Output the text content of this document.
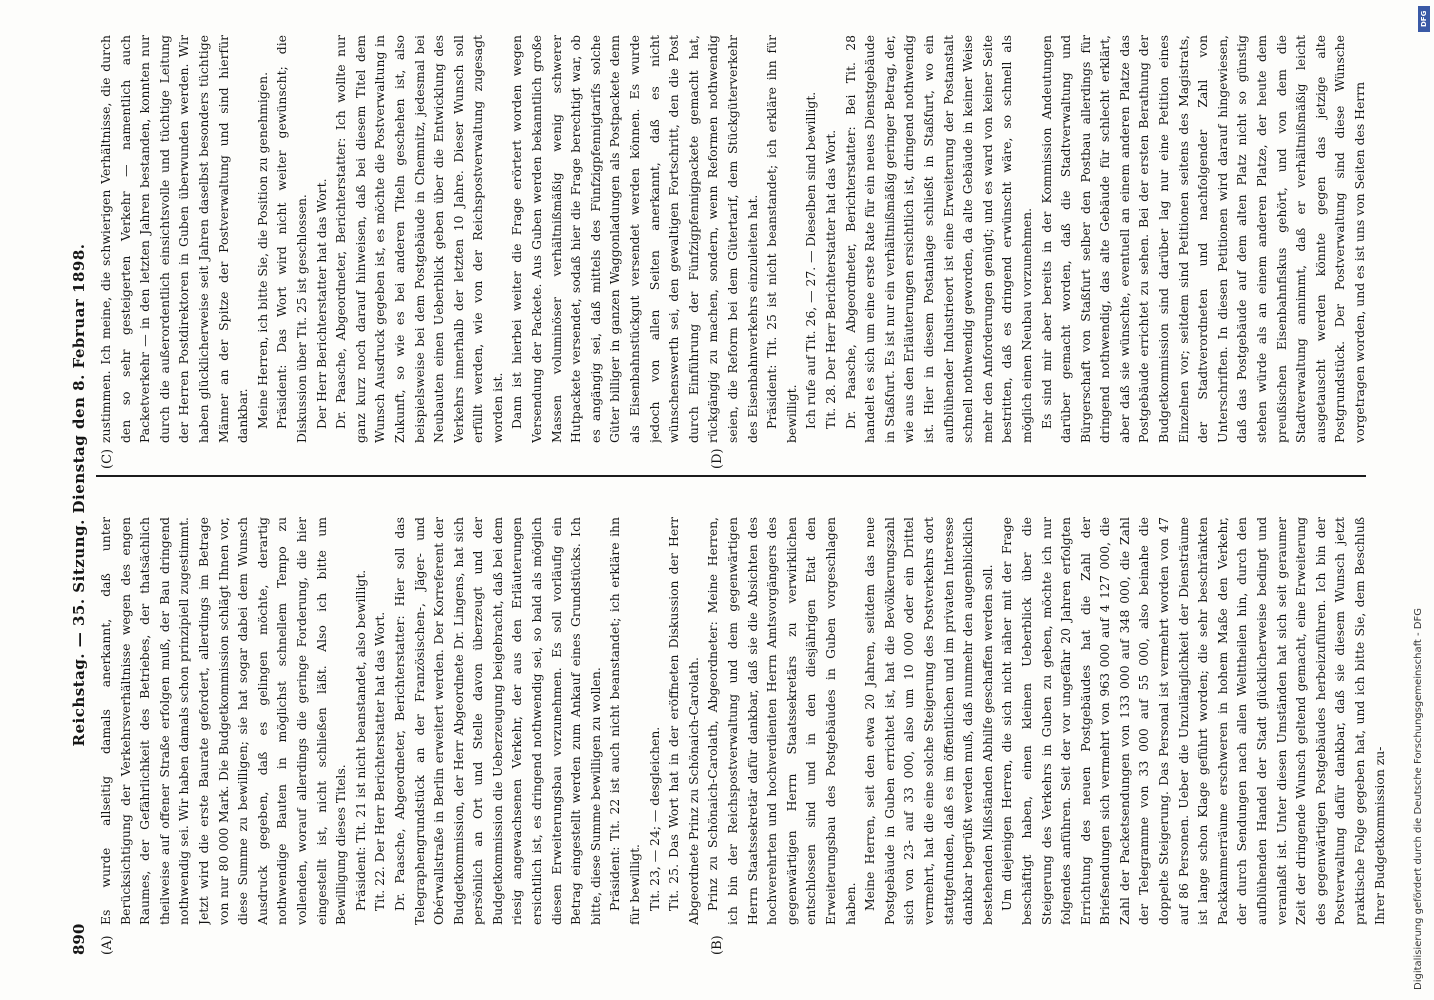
890
Reichstag. — 35. Sitzung. Dienstag den 8. Februar 1898.
(A)	(B)
(C)	(D)

Es wurde allseitig damals anerkannt, daß unter Berücksichtigung der Verkehrsverhältnisse wegen des engen Raumes, der Gefährlichkeit des Betriebes, der thatsächlich theilweise auf offener Straße erfolgen muß, der Bau dringend nothwendig sei. Wir haben damals schon prinzipiell zugestimmt. Jetzt wird die erste Baurate gefordert, allerdings im Betrage von nur 80 000 Mark. Die Budgetkommission schlägt Ihnen vor, diese Summe zu bewilligen; sie hat sogar dabei dem Wunsch Ausdruck gegeben, daß es gelingen möchte, derartig nothwendige Bauten in möglichst schnellem Tempo zu vollenden, worauf allerdings die geringe Forderung, die hier eingestellt ist, nicht schließen läßt. Also ich bitte um Bewilligung dieses Titels. Präsident: Tit. 21 ist nicht beanstandet, also bewilligt. Tit. 22. Der Herr Berichterstatter hat das Wort. Dr. Paasche, Abgeordneter, Berichterstatter: Hier soll das Telegraphengrundstück an der Französischen-, Jäger- und Obérwallstraße in Berlin erweitert werden. Der Korreferent der Budgetkommission, der Herr Abgeordnete Dr. Lingens, hat sich persönlich an Ort und Stelle davon überzeugt und der Budgetkommission die Ueberzeugung beigebracht, daß bei dem riesig angewachsenen Verkehr, der aus den Erläuterungen ersichtlich ist, es dringend nothwendig sei, so bald als möglich diesen Erweiterungsbau vorzunehmen. Es soll vorläufig ein Betrag eingestellt werden zum Ankauf eines Grundstücks. Ich bitte, diese Summe bewilligen zu wollen. Präsident: Tit. 22 ist auch nicht beanstandet; ich erkläre ihn für bewilligt. Tit. 23, — 24; — desgleichen. Tit. 25. Das Wort hat in der eröffneten Diskussion der Herr Abgeordnete Prinz zu Schönaich-Carolath. Prinz zu Schönaich-Carolath, Abgeordneter: Meine Herren, ich bin der Reichspostverwaltung und dem gegenwärtigen Herrn Staatssekretär dafür dankbar, daß sie die Absichten des hochverehrten und hochverdienten Herrn Amtsvorgängers des gegenwärtigen Herrn Staatssekretärs zu verwirklichen entschlossen sind und in den diesjährigen Etat den Erweiterungsbau des Postgebäudes in Guben vorgeschlagen haben. Meine Herren, seit den etwa 20 Jahren, seitdem das neue Postgebäude in Guben errichtet ist, hat die Bevölkerungszahl sich von 23- auf 33 000, also um 10 000 oder ein Drittel vermehrt, hat die eine solche Steigerung des Postverkehrs dort stattgefunden, daß es im öffentlichen und im privaten Interesse dankbar begrüßt werden muß, daß nunmehr den augenblicklich bestehenden Mißständen Abhilfe geschaffen werden soll. Um diejenigen Herren, die sich nicht näher mit der Frage beschäftigt haben, einen kleinen Ueberblick über die Steigerung des Verkehrs in Guben zu geben, möchte ich nur folgendes anführen. Seit der vor ungefähr 20 Jahren erfolgten Errichtung des neuen Postgebäudes hat die Zahl der Briefsendungen sich vermehrt von 963 000 auf 4 127 000, die Zahl der Packetsendungen von 133 000 auf 348 000, die Zahl der Telegramme von 33 000 auf 55 000, also beinahe die doppelte Steigerung. Das Personal ist vermehrt worden von 47 auf 86 Personen. Ueber die Unzulänglichkeit der Diensträume ist lange schon Klage geführt worden; die sehr beschränkten Packkammerräume erschweren in hohem Maße den Verkehr, der durch Sendungen nach allen Welttheilen hin, durch den aufblühenden Handel der Stadt glücklicherweise bedingt und veranlaßt ist. Unter diesen Umständen hat sich seit geraumer Zeit der dringende Wunsch geltend gemacht, eine Erweiterung des gegenwärtigen Postgebäudes herbeizuführen. Ich bin der Postverwaltung dafür dankbar, daß sie diesem Wunsch jetzt praktische Folge gegeben hat, und ich bitte Sie, dem Beschluß Ihrer Budgetkommission zu-

zustimmen. Ich meine, die schwierigen Verhältnisse, die durch den so sehr gesteigerten Verkehr — namentlich auch Packetverkehr — in den letzten Jahren bestanden, konnten nur durch die außerordentlich einsichtsvolle und tüchtige Leitung der Herren Postdirektoren in Guben überwunden werden. Wir haben glücklicherweise seit Jahren daselbst besonders tüchtige Männer an der Spitze der Postverwaltung und sind hierfür dankbar. Meine Herren, ich bitte Sie, die Position zu genehmigen. Präsident: Das Wort wird nicht weiter gewünscht; die Diskussion über Tit. 25 ist geschlossen. Der Herr Berichterstatter hat das Wort. Dr. Paasche, Abgeordneter, Berichterstatter: Ich wollte nur ganz kurz noch darauf hinweisen, daß bei diesem Titel dem Wunsch Ausdruck gegeben ist, es möchte die Postverwaltung in Zukunft, so wie es bei anderen Titeln geschehen ist, also beispielsweise bei dem Postgebäude in Chemnitz, jedesmal bei Neubauten einen Ueberblick geben über die Entwicklung des Verkehrs innerhalb der letzten 10 Jahre. Dieser Wunsch soll erfüllt werden, wie von der Reichspostverwaltung zugesagt worden ist. Dann ist hierbei weiter die Frage erörtert worden wegen Versendung der Packete. Aus Guben werden bekanntlich große Massen voluminöser verhältnißmäßig wenig schwerer Hutpackete versendet, sodaß hier die Frage berechtigt war, ob es angängig sei, daß mittels des Fünfzigpfennigtarifs solche Güter billiger in ganzen Waggonladungen als Postpackete denn als Eisenbahnstückgut versendet werden können. Es wurde jedoch von allen Seiten anerkannt, daß es nicht wünschenswerth sei, den gewaltigen Fortschritt, den die Post durch Einführung der Fünfzigpfennigpackete gemacht hat, rückgängig zu machen, sondern, wenn Reformen nothwendig seien, die Reform bei dem Gütertarif, dem Stückgüterverkehr des Eisenbahnverkehrs einzuleiten hat. Präsident: Tit. 25 ist nicht beanstandet; ich erkläre ihn für bewilligt. Ich rufe auf Tit. 26, — 27. — Dieselben sind bewilligt. Tit. 28. Der Herr Berichterstatter hat das Wort. Dr. Paasche, Abgeordneter, Berichterstatter: Bei Tit. 28 handelt es sich um eine erste Rate für ein neues Dienstgebäude in Staßfurt. Es ist nur ein verhältnißmäßig geringer Betrag, der, wie aus den Erläuterungen ersichtlich ist, dringend nothwendig ist. Hier in diesem Postanlage schließt in Staßfurt, wo ein aufblühender Industrieort ist eine Erweiterung der Postanstalt schnell nothwendig geworden, da alte Gebäude in keiner Weise mehr den Anforderungen genügt; und es ward von keiner Seite bestritten, daß es dringend erwünscht wäre, so schnell als möglich einen Neubau vorzunehmen. Es sind mir aber bereits in der Kommission Andeutungen darüber gemacht worden, daß die Stadtverwaltung und Bürgerschaft von Staßfurt selber den Postbau allerdings für dringend nothwendig, das alte Gebäude für schlecht erklärt, aber daß sie wünschte, eventuell an einem anderen Platze das Postgebäude errichtet zu sehen. Bei der ersten Berathung der Budgetkommission sind darüber lag nur eine Petition eines Einzelnen vor; seitdem sind Petitionen seitens des Magistrats, der Stadtverordneten und nachfolgender Zahl von Unterschriften. In diesen Petitionen wird darauf hingewiesen, daß das Postgebäude auf dem alten Platz nicht so günstig stehen würde als an einem anderen Platze, der heute dem preußischen Eisenbahnfiskus gehört, und von dem die Stadtverwaltung annimmt, daß er verhältnißmäßig leicht ausgetauscht werden könnte gegen das jetzige alte Postgrundstück. Der Postverwaltung sind diese Wünsche vorgetragen worden, und es ist uns von Seiten des Herrn

Digitalisierung gefördert durch die Deutsche Forschungsgemeinschaft - DFG
DFG
